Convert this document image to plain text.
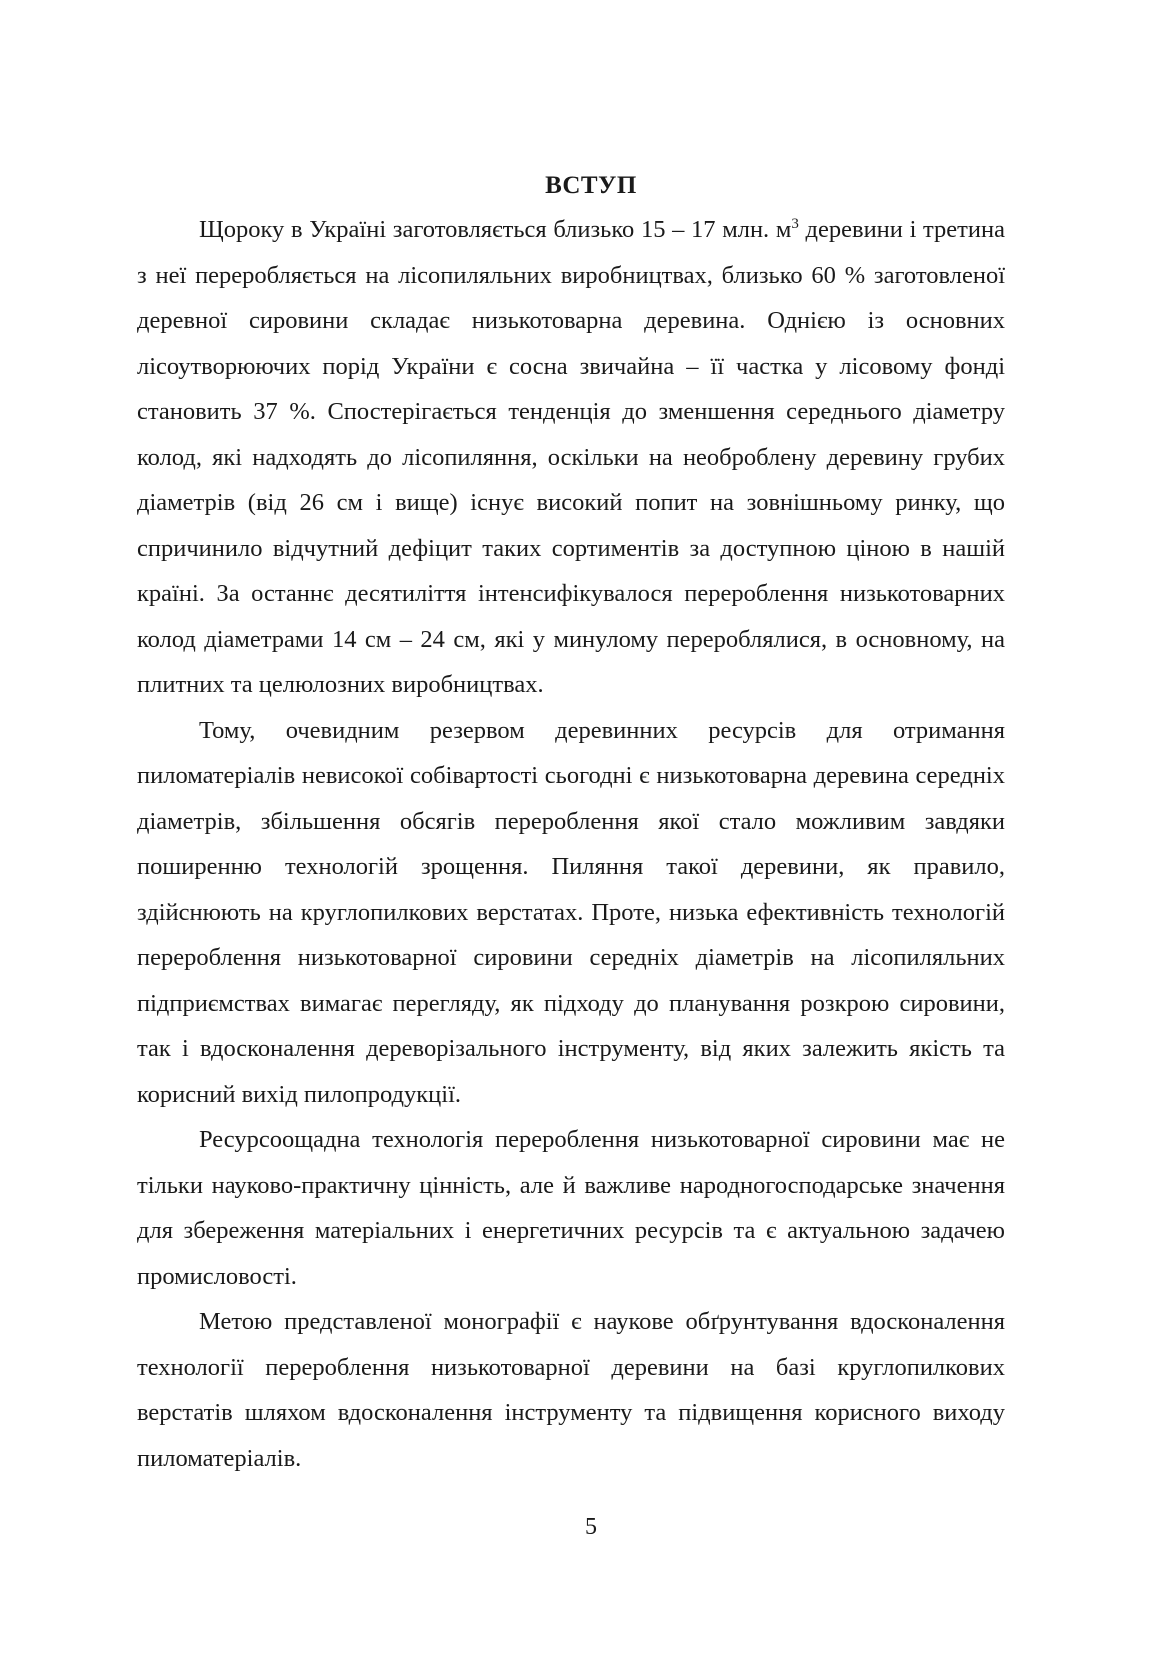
ВСТУП

Щороку в Україні заготовляється близько 15 – 17 млн. $м^3$ деревини і третина з неї переробляється на лісопиляльних виробництвах, близько 60 % заготовленої деревної сировини складає низькотоварна деревина. Однією із основних лісоутворюючих порід України є сосна звичайна – її частка у лісовому фонді становить 37 %. Спостерігається тенденція до зменшення середнього діаметру колод, які надходять до лісопиляння, оскільки на необроблену деревину грубих діаметрів (від 26 см і вище) існує високий попит на зовнішньому ринку, що спричинило відчутний дефіцит таких сортиментів за доступною ціною в нашій країні. За останнє десятиліття інтенсифікувалося перероблення низькотоварних колод діаметрами 14 см – 24 см, які у минулому перероблялися, в основному, на плитних та целюлозних виробництвах.

Тому, очевидним резервом деревинних ресурсів для отримання пиломатеріалів невисокої собівартості сьогодні є низькотоварна деревина середніх діаметрів, збільшення обсягів перероблення якої стало можливим завдяки поширенню технологій зрощення. Пиляння такої деревини, як правило, здійснюють на круглопилкових верстатах. Проте, низька ефективність технологій перероблення низькотоварної сировини середніх діаметрів на лісопиляльних підприємствах вимагає перегляду, як підходу до планування розкрою сировини, так і вдосконалення дереворізального інструменту, від яких залежить якість та корисний вихід пилопродукції.

Ресурсоощадна технологія перероблення низькотоварної сировини має не тільки науково-практичну цінність, але й важливе народногосподарське значення для збереження матеріальних і енергетичних ресурсів та є актуальною задачею промисловості.

Метою представленої монографії є наукове обґрунтування вдосконалення технології перероблення низькотоварної деревини на базі круглопилкових верстатів шляхом вдосконалення інструменту та підвищення корисного виходу пиломатеріалів.

5
